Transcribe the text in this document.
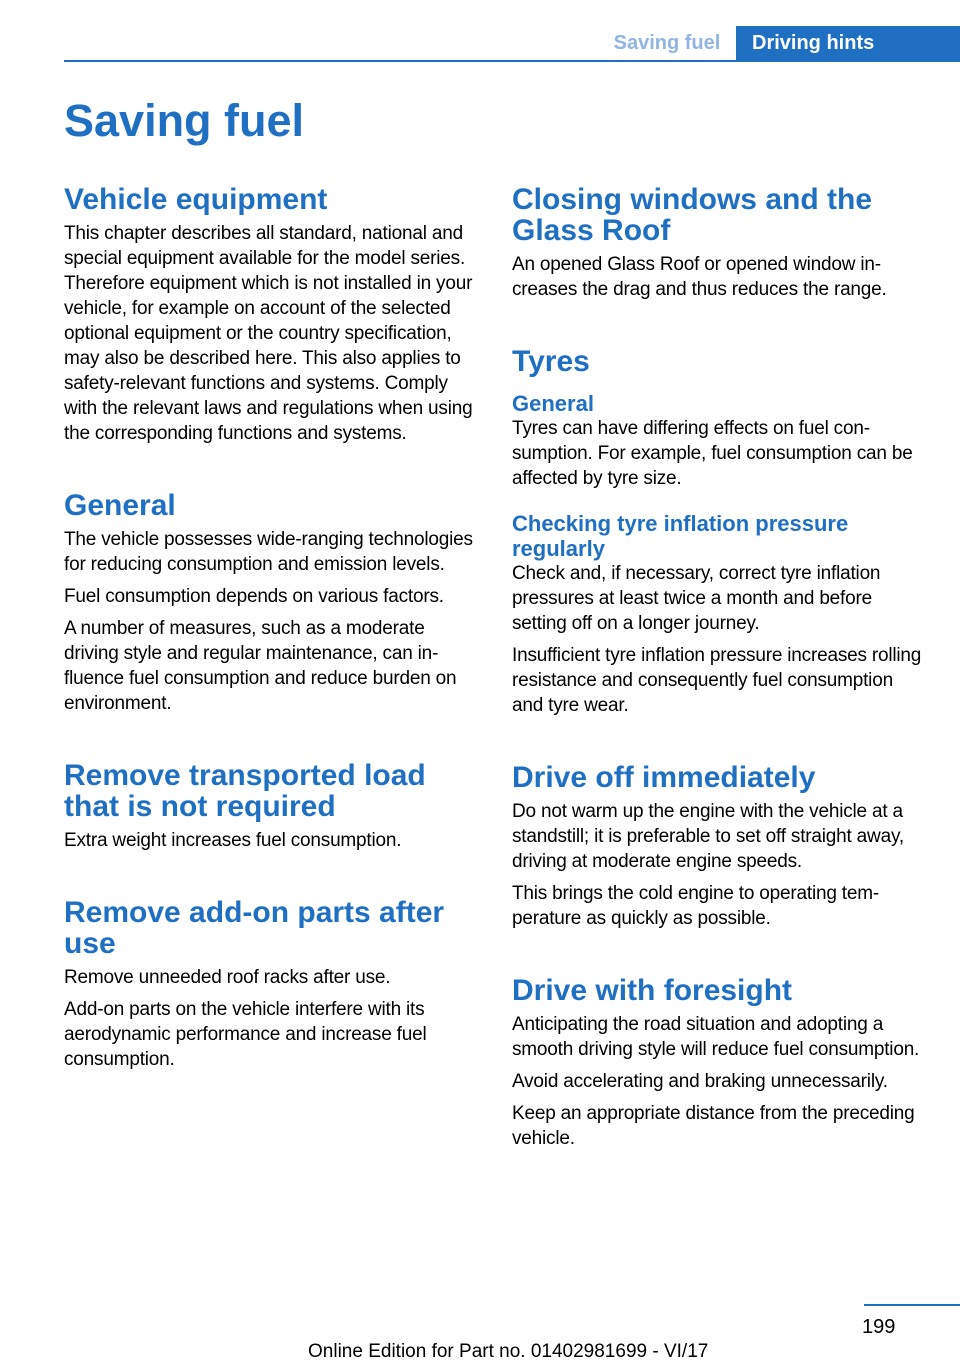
Saving fuel	Driving hints
Saving fuel
Vehicle equipment

This chapter describes all standard, national and special equipment available for the model series. Therefore equipment which is not installed in your vehicle, for example on account of the selected optional equipment or the country specification, may also be described here. This also applies to safety-relevant functions and systems. Comply with the relevant laws and regulations when using the corresponding functions and systems.

General

The vehicle possesses wide-ranging technologies for reducing consumption and emission levels.

Fuel consumption depends on various factors.

A number of measures, such as a moderate driving style and regular maintenance, can influence fuel consumption and reduce burden on environment.

Remove transported load that is not required

Extra weight increases fuel consumption.

Remove add-on parts after use

Remove unneeded roof racks after use.

Add-on parts on the vehicle interfere with its aerodynamic performance and increase fuel consumption.

Closing windows and the Glass Roof

An opened Glass Roof or opened window increases the drag and thus reduces the range.

Tyres
General

Tyres can have differing effects on fuel consumption. For example, fuel consumption can be affected by tyre size.

Checking tyre inflation pressure regularly

Check and, if necessary, correct tyre inflation pressures at least twice a month and before setting off on a longer journey.

Insufficient tyre inflation pressure increases rolling resistance and consequently fuel consumption and tyre wear.

Drive off immediately

Do not warm up the engine with the vehicle at a standstill; it is preferable to set off straight away, driving at moderate engine speeds.

This brings the cold engine to operating temperature as quickly as possible.

Drive with foresight

Anticipating the road situation and adopting a smooth driving style will reduce fuel consumption.

Avoid accelerating and braking unnecessarily.

Keep an appropriate distance from the preceding vehicle.

199
Online Edition for Part no. 01402981699 - VI/17
